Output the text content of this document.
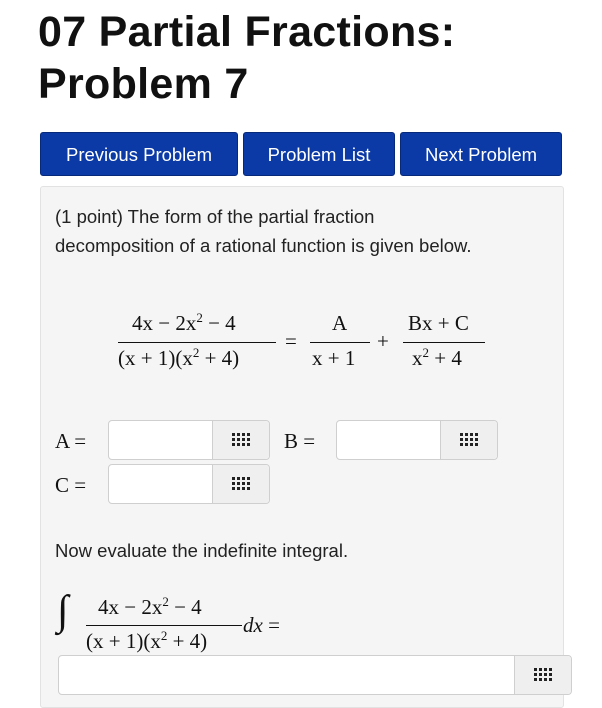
07 Partial Fractions:
Problem 7
Previous Problem	Problem List	Next Problem
(1 point) The form of the partial fraction
decomposition of a rational function is given below.
$4x - 2x^2 - 4$
$(x + 1)(x^2 + 4)$
=
A
x + 1
+
Bx + C
$x^2 + 4$
A =	B =
C =
Now evaluate the indefinite integral.
∫ $4x - 2x^2 - 4$
$(x + 1)(x^2 + 4)$
dx =
